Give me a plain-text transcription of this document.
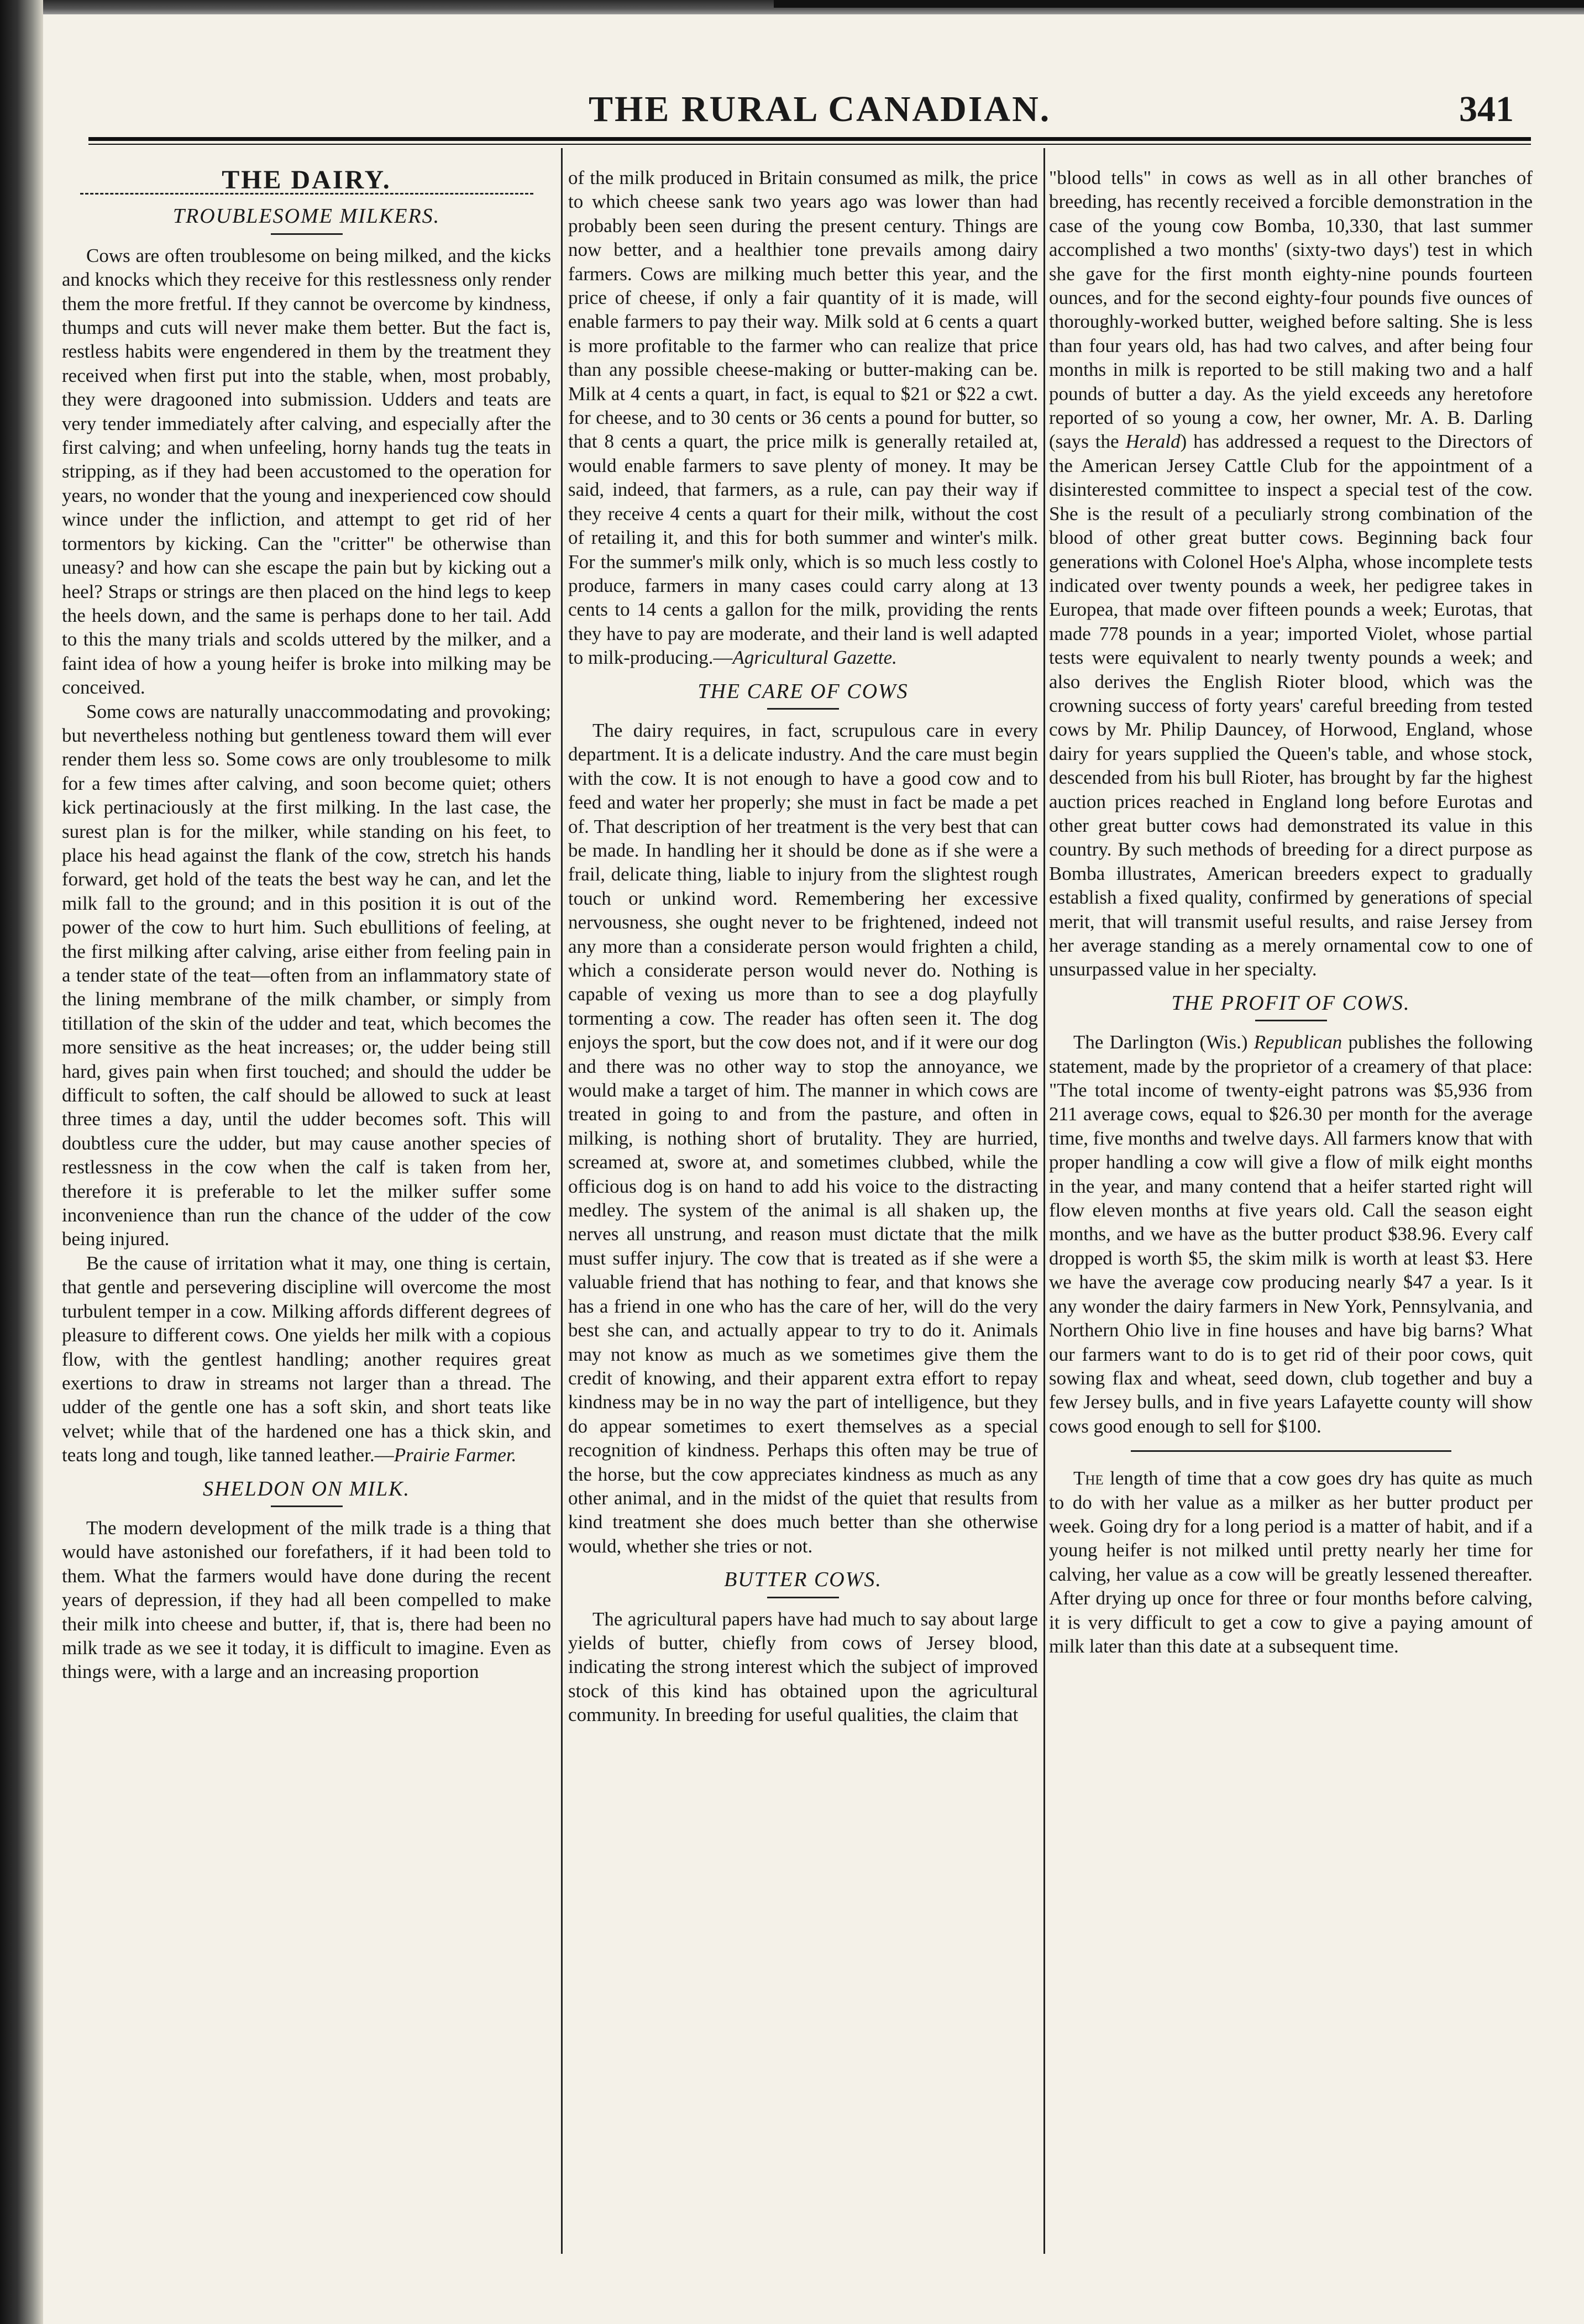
THE RURAL CANADIAN.	341
THE DAIRY.
TROUBLESOME MILKERS.

Cows are often troublesome on being milked, and the kicks and knocks which they receive for this restlessness only render them the more fretful. If they cannot be overcome by kindness, thumps and cuts will never make them better. But the fact is, restless habits were engendered in them by the treatment they received when first put into the stable, when, most probably, they were dragooned into submission. Udders and teats are very tender immediately after calving, and especially after the first calving; and when unfeeling, horny hands tug the teats in stripping, as if they had been accustomed to the operation for years, no wonder that the young and inexperienced cow should wince under the infliction, and attempt to get rid of her tormentors by kicking. Can the "critter" be otherwise than uneasy? and how can she escape the pain but by kicking out a heel? Straps or strings are then placed on the hind legs to keep the heels down, and the same is perhaps done to her tail. Add to this the many trials and scolds uttered by the milker, and a faint idea of how a young heifer is broke into milking may be conceived.

Some cows are naturally unaccommodating and provoking; but nevertheless nothing but gentleness toward them will ever render them less so. Some cows are only troublesome to milk for a few times after calving, and soon become quiet; others kick pertinaciously at the first milking. In the last case, the surest plan is for the milker, while standing on his feet, to place his head against the flank of the cow, stretch his hands forward, get hold of the teats the best way he can, and let the milk fall to the ground; and in this position it is out of the power of the cow to hurt him. Such ebullitions of feeling, at the first milking after calving, arise either from feeling pain in a tender state of the teat—often from an inflammatory state of the lining membrane of the milk chamber, or simply from titillation of the skin of the udder and teat, which becomes the more sensitive as the heat increases; or, the udder being still hard, gives pain when first touched; and should the udder be difficult to soften, the calf should be allowed to suck at least three times a day, until the udder becomes soft. This will doubtless cure the udder, but may cause another species of restlessness in the cow when the calf is taken from her, therefore it is preferable to let the milker suffer some inconvenience than run the chance of the udder of the cow being injured.

Be the cause of irritation what it may, one thing is certain, that gentle and persevering discipline will overcome the most turbulent temper in a cow. Milking affords different degrees of pleasure to different cows. One yields her milk with a copious flow, with the gentlest handling; another requires great exertions to draw in streams not larger than a thread. The udder of the gentle one has a soft skin, and short teats like velvet; while that of the hardened one has a thick skin, and teats long and tough, like tanned leather.—Prairie Farmer.

SHELDON ON MILK.

The modern development of the milk trade is a thing that would have astonished our forefathers, if it had been told to them. What the farmers would have done during the recent years of depression, if they had all been compelled to make their milk into cheese and butter, if, that is, there had been no milk trade as we see it today, it is difficult to imagine. Even as things were, with a large and an increasing proportion

of the milk produced in Britain consumed as milk, the price to which cheese sank two years ago was lower than had probably been seen during the present century. Things are now better, and a healthier tone prevails among dairy farmers. Cows are milking much better this year, and the price of cheese, if only a fair quantity of it is made, will enable farmers to pay their way. Milk sold at 6 cents a quart is more profitable to the farmer who can realize that price than any possible cheese-making or butter-making can be. Milk at 4 cents a quart, in fact, is equal to $21 or $22 a cwt. for cheese, and to 30 cents or 36 cents a pound for butter, so that 8 cents a quart, the price milk is generally retailed at, would enable farmers to save plenty of money. It may be said, indeed, that farmers, as a rule, can pay their way if they receive 4 cents a quart for their milk, without the cost of retailing it, and this for both summer and winter's milk. For the summer's milk only, which is so much less costly to produce, farmers in many cases could carry along at 13 cents to 14 cents a gallon for the milk, providing the rents they have to pay are moderate, and their land is well adapted to milk-producing.—Agricultural Gazette.

THE CARE OF COWS

The dairy requires, in fact, scrupulous care in every department. It is a delicate industry. And the care must begin with the cow. It is not enough to have a good cow and to feed and water her properly; she must in fact be made a pet of. That description of her treatment is the very best that can be made. In handling her it should be done as if she were a frail, delicate thing, liable to injury from the slightest rough touch or unkind word. Remembering her excessive nervousness, she ought never to be frightened, indeed not any more than a considerate person would frighten a child, which a considerate person would never do. Nothing is capable of vexing us more than to see a dog playfully tormenting a cow. The reader has often seen it. The dog enjoys the sport, but the cow does not, and if it were our dog and there was no other way to stop the annoyance, we would make a target of him. The manner in which cows are treated in going to and from the pasture, and often in milking, is nothing short of brutality. They are hurried, screamed at, swore at, and sometimes clubbed, while the officious dog is on hand to add his voice to the distracting medley. The system of the animal is all shaken up, the nerves all unstrung, and reason must dictate that the milk must suffer injury. The cow that is treated as if she were a valuable friend that has nothing to fear, and that knows she has a friend in one who has the care of her, will do the very best she can, and actually appear to try to do it. Animals may not know as much as we sometimes give them the credit of knowing, and their apparent extra effort to repay kindness may be in no way the part of intelligence, but they do appear sometimes to exert themselves as a special recognition of kindness. Perhaps this often may be true of the horse, but the cow appreciates kindness as much as any other animal, and in the midst of the quiet that results from kind treatment she does much better than she otherwise would, whether she tries or not.

BUTTER COWS.

The agricultural papers have had much to say about large yields of butter, chiefly from cows of Jersey blood, indicating the strong interest which the subject of improved stock of this kind has obtained upon the agricultural community. In breeding for useful qualities, the claim that

"blood tells" in cows as well as in all other branches of breeding, has recently received a forcible demonstration in the case of the young cow Bomba, 10,330, that last summer accomplished a two months' (sixty-two days') test in which she gave for the first month eighty-nine pounds fourteen ounces, and for the second eighty-four pounds five ounces of thoroughly-worked butter, weighed before salting. She is less than four years old, has had two calves, and after being four months in milk is reported to be still making two and a half pounds of butter a day. As the yield exceeds any heretofore reported of so young a cow, her owner, Mr. A. B. Darling (says the Herald) has addressed a request to the Directors of the American Jersey Cattle Club for the appointment of a disinterested committee to inspect a special test of the cow. She is the result of a peculiarly strong combination of the blood of other great butter cows. Beginning back four generations with Colonel Hoe's Alpha, whose incomplete tests indicated over twenty pounds a week, her pedigree takes in Europea, that made over fifteen pounds a week; Eurotas, that made 778 pounds in a year; imported Violet, whose partial tests were equivalent to nearly twenty pounds a week; and also derives the English Rioter blood, which was the crowning success of forty years' careful breeding from tested cows by Mr. Philip Dauncey, of Horwood, England, whose dairy for years supplied the Queen's table, and whose stock, descended from his bull Rioter, has brought by far the highest auction prices reached in England long before Eurotas and other great butter cows had demonstrated its value in this country. By such methods of breeding for a direct purpose as Bomba illustrates, American breeders expect to gradually establish a fixed quality, confirmed by generations of special merit, that will transmit useful results, and raise Jersey from her average standing as a merely ornamental cow to one of unsurpassed value in her specialty.

THE PROFIT OF COWS.

The Darlington (Wis.) Republican publishes the following statement, made by the proprietor of a creamery of that place: "The total income of twenty-eight patrons was $5,936 from 211 average cows, equal to $26.30 per month for the average time, five months and twelve days. All farmers know that with proper handling a cow will give a flow of milk eight months in the year, and many contend that a heifer started right will flow eleven months at five years old. Call the season eight months, and we have as the butter product $38.96. Every calf dropped is worth $5, the skim milk is worth at least $3. Here we have the average cow producing nearly $47 a year. Is it any wonder the dairy farmers in New York, Pennsylvania, and Northern Ohio live in fine houses and have big barns? What our farmers want to do is to get rid of their poor cows, quit sowing flax and wheat, seed down, club together and buy a few Jersey bulls, and in five years Lafayette county will show cows good enough to sell for $100.

The length of time that a cow goes dry has quite as much to do with her value as a milker as her butter product per week. Going dry for a long period is a matter of habit, and if a young heifer is not milked until pretty nearly her time for calving, her value as a cow will be greatly lessened thereafter. After drying up once for three or four months before calving, it is very difficult to get a cow to give a paying amount of milk later than this date at a subsequent time.
